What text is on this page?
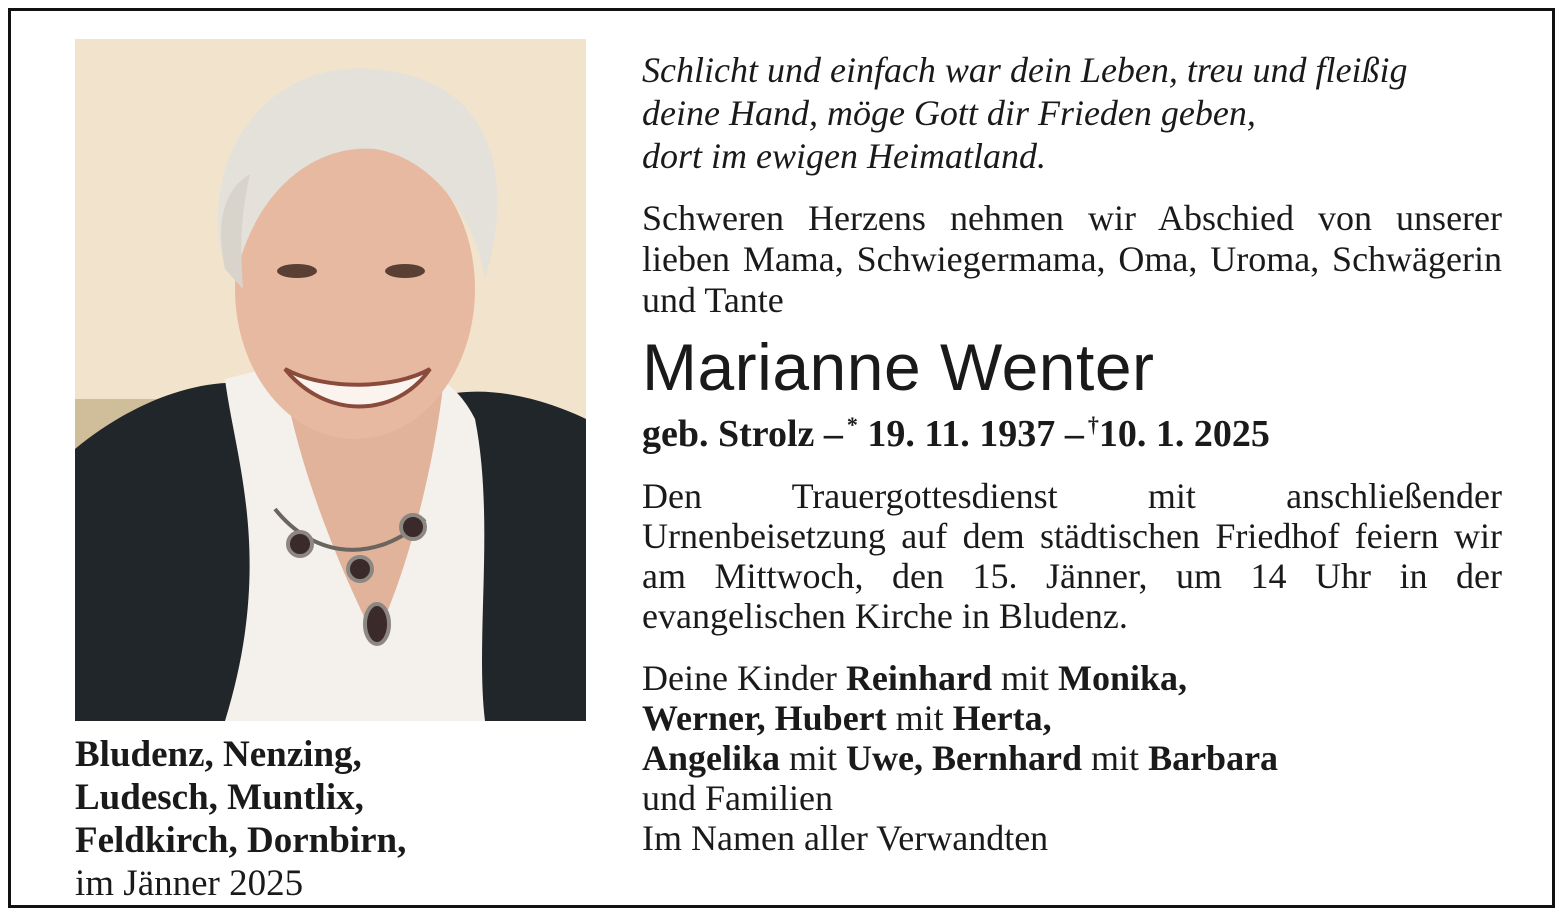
Bludenz, Nenzing,
Ludesch, Muntlix,
Feldkirch, Dornbirn,
im Jänner 2025
Schlicht und einfach war dein Leben, treu und fleißig
deine Hand, möge Gott dir Frieden geben,
dort im ewigen Heimatland.
Schweren Herzens nehmen wir Abschied von unserer lieben Mama, Schwiegermama, Oma, Uroma, Schwägerin und Tante
Marianne Wenter
geb. Strolz – * 19. 11. 1937 – †10. 1. 2025
Den Trauergottesdienst mit anschließender Urnenbeisetzung auf dem städtischen Friedhof feiern wir am Mittwoch, den 15. Jänner, um 14 Uhr in der evangelischen Kirche in Bludenz.
Deine Kinder Reinhard mit Monika,
Werner, Hubert mit Herta,
Angelika mit Uwe, Bernhard mit Barbara
und Familien
Im Namen aller Verwandten
